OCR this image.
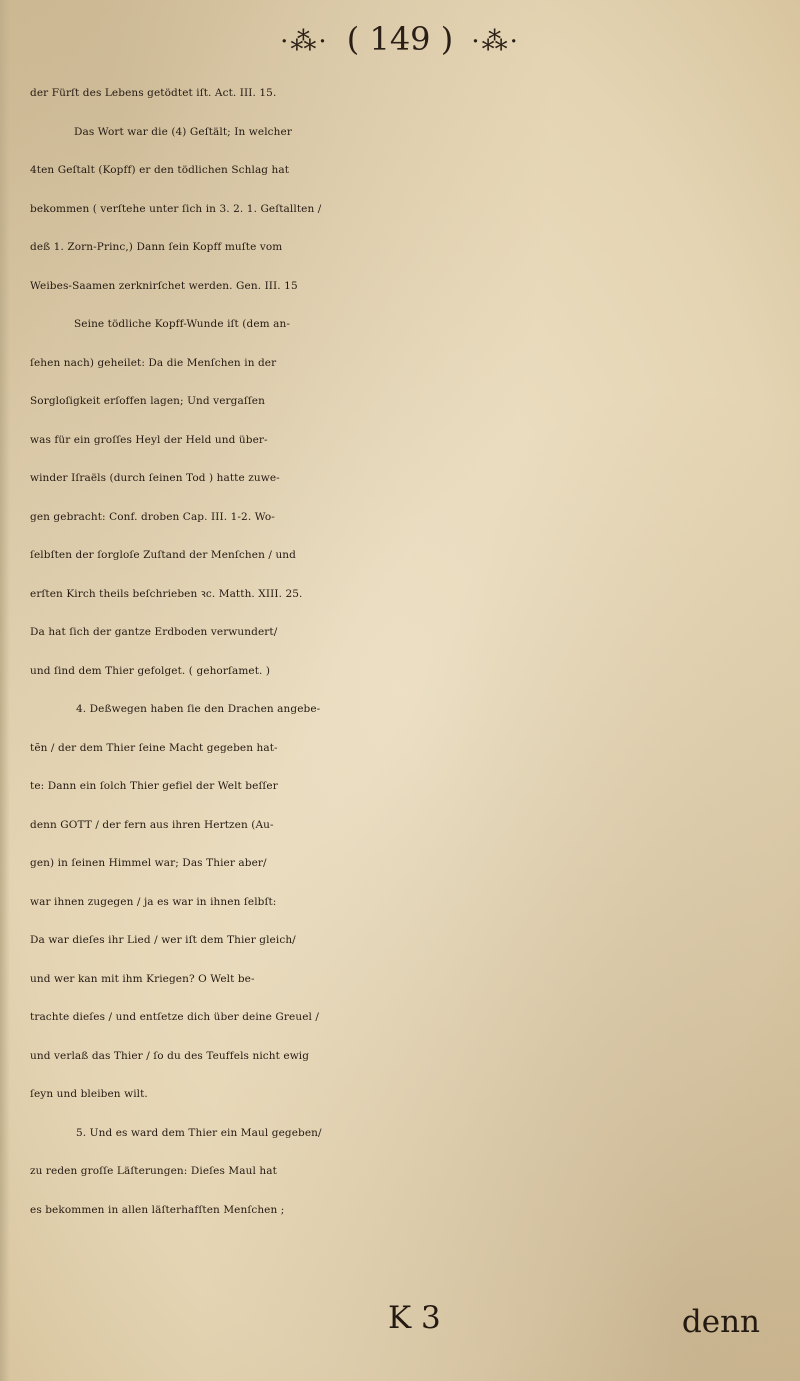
·⁂· ( 149 ) ·⁂·
der Fürſt des Lebens getödtet iſt. Act. III. 15.
Das Wort war die (4) Geſtält; In welcher
4ten Geſtalt (Kopff) er den tödlichen Schlag hat
bekommen ( verſtehe unter ſich in 3. 2. 1. Geſtallten /
deß 1. Zorn-Princ,) Dann ſein Kopff muſte vom
Weibes-Saamen zerknirſchet werden. Gen. III. 15
Seine tödliche Kopff-Wunde iſt (dem an-
ſehen nach) geheilet: Da die Menſchen in der
Sorgloſigkeit erſoffen lagen; Und vergaſſen
was für ein groſſes Heyl der Held und über-
winder Iſraëls (durch ſeinen Tod ) hatte zuwe-
gen gebracht: Conf. droben Cap. III. 1-2. Wo-
ſelbſten der ſorgloſe Zuſtand der Menſchen / und
erſten Kirch theils beſchrieben ꝛc. Matth. XIII. 25.
Da hat ſich der gantze Erdboden verwundert/
und ſind dem Thier gefolget. ( gehorſamet. )
4. Deßwegen haben ſie den Drachen angebe-
tẽn / der dem Thier ſeine Macht gegeben hat-
te: Dann ein ſolch Thier gefiel der Welt beſſer
denn GOTT / der fern aus ihren Hertzen (Au-
gen) in ſeinen Himmel war; Das Thier aber/
war ihnen zugegen / ja es war in ihnen ſelbſt:
Da war dieſes ihr Lied / wer iſt dem Thier gleich/
und wer kan mit ihm Kriegen? O Welt be-
trachte dieſes / und entſetze dich über deine Greuel /
und verlaß das Thier / ſo du des Teuffels nicht ewig
ſeyn und bleiben wilt.
5. Und es ward dem Thier ein Maul gegeben/
zu reden groſſe Läſterungen: Dieſes Maul hat
es bekommen in allen läſterhafſten Menſchen ;
K 3	denn
